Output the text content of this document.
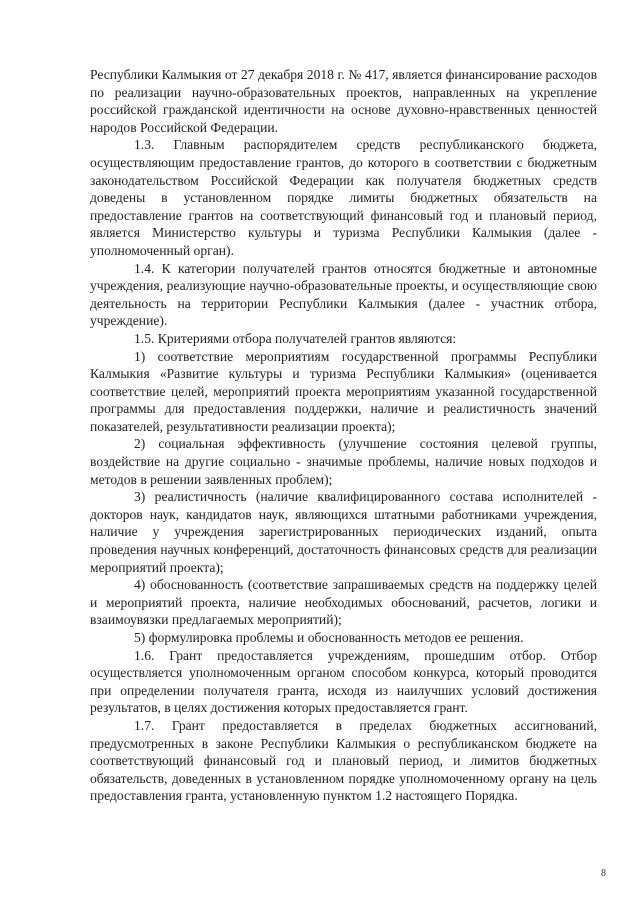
Республики Калмыкия от 27 декабря 2018 г. № 417, является финансирование расходов по реализации научно-образовательных проектов, направленных на укрепление российской гражданской идентичности на основе духовно-нравственных ценностей народов Российской Федерации.

1.3. Главным распорядителем средств республиканского бюджета, осуществляющим предоставление грантов, до которого в соответствии с бюджетным законодательством Российской Федерации как получателя бюджетных средств доведены в установленном порядке лимиты бюджетных обязательств на предоставление грантов на соответствующий финансовый год и плановый период, является Министерство культуры и туризма Республики Калмыкия (далее - уполномоченный орган).

1.4. К категории получателей грантов относятся бюджетные и автономные учреждения, реализующие научно-образовательные проекты, и осуществляющие свою деятельность на территории Республики Калмыкия (далее - участник отбора, учреждение).

1.5. Критериями отбора получателей грантов являются:

1) соответствие мероприятиям государственной программы Республики Калмыкия «Развитие культуры и туризма Республики Калмыкия» (оценивается соответствие целей, мероприятий проекта мероприятиям указанной государственной программы для предоставления поддержки, наличие и реалистичность значений показателей, результативности реализации проекта);

2) социальная эффективность (улучшение состояния целевой группы, воздействие на другие социально - значимые проблемы, наличие новых подходов и методов в решении заявленных проблем);

3) реалистичность (наличие квалифицированного состава исполнителей - докторов наук, кандидатов наук, являющихся штатными работниками учреждения, наличие у учреждения зарегистрированных периодических изданий, опыта проведения научных конференций, достаточность финансовых средств для реализации мероприятий проекта);

4) обоснованность (соответствие запрашиваемых средств на поддержку целей и мероприятий проекта, наличие необходимых обоснований, расчетов, логики и взаимоувязки предлагаемых мероприятий);

5) формулировка проблемы и обоснованность методов ее решения.

1.6. Грант предоставляется учреждениям, прошедшим отбор. Отбор осуществляется уполномоченным органом способом конкурса, который проводится при определении получателя гранта, исходя из наилучших условий достижения результатов, в целях достижения которых предоставляется грант.

1.7. Грант предоставляется в пределах бюджетных ассигнований, предусмотренных в законе Республики Калмыкия о республиканском бюджете на соответствующий финансовый год и плановый период, и лимитов бюджетных обязательств, доведенных в установленном порядке уполномоченному органу на цель предоставления гранта, установленную пунктом 1.2 настоящего Порядка.

8
